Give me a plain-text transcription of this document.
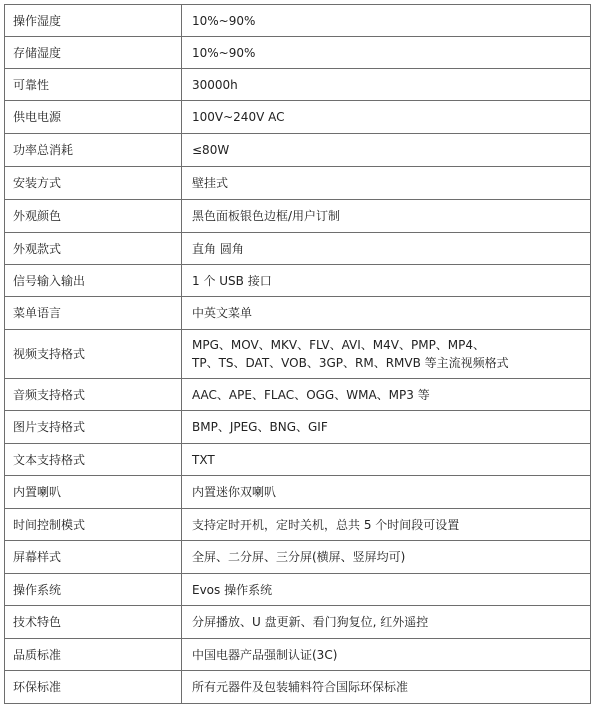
操作湿度	10%~90%

存储湿度	10%~90%

可靠性	30000h

供电电源	100V~240V AC

功率总消耗	≤80W

安装方式	壁挂式

外观颜色	黑色面板银色边框/用户订制

外观款式	直角 圆角

信号输入输出	1 个 USB 接口

菜单语言	中英文菜单

视频支持格式	MPG、MOV、MKV、FLV、AVI、M4V、PMP、MP4、
TP、TS、DAT、VOB、3GP、RM、RMVB 等主流视频格式

音频支持格式	AAC、APE、FLAC、OGG、WMA、MP3 等

图片支持格式	BMP、JPEG、BNG、GIF

文本支持格式	TXT

内置喇叭	内置迷你双喇叭

时间控制模式	支持定时开机，定时关机，总共 5 个时间段可设置

屏幕样式	全屏、二分屏、三分屏(横屏、竖屏均可)

操作系统	Evos 操作系统

技术特色	分屏播放、U 盘更新、看门狗复位, 红外遥控

品质标准	中国电器产品强制认证(3C)

环保标准	所有元器件及包装辅料符合国际环保标准
